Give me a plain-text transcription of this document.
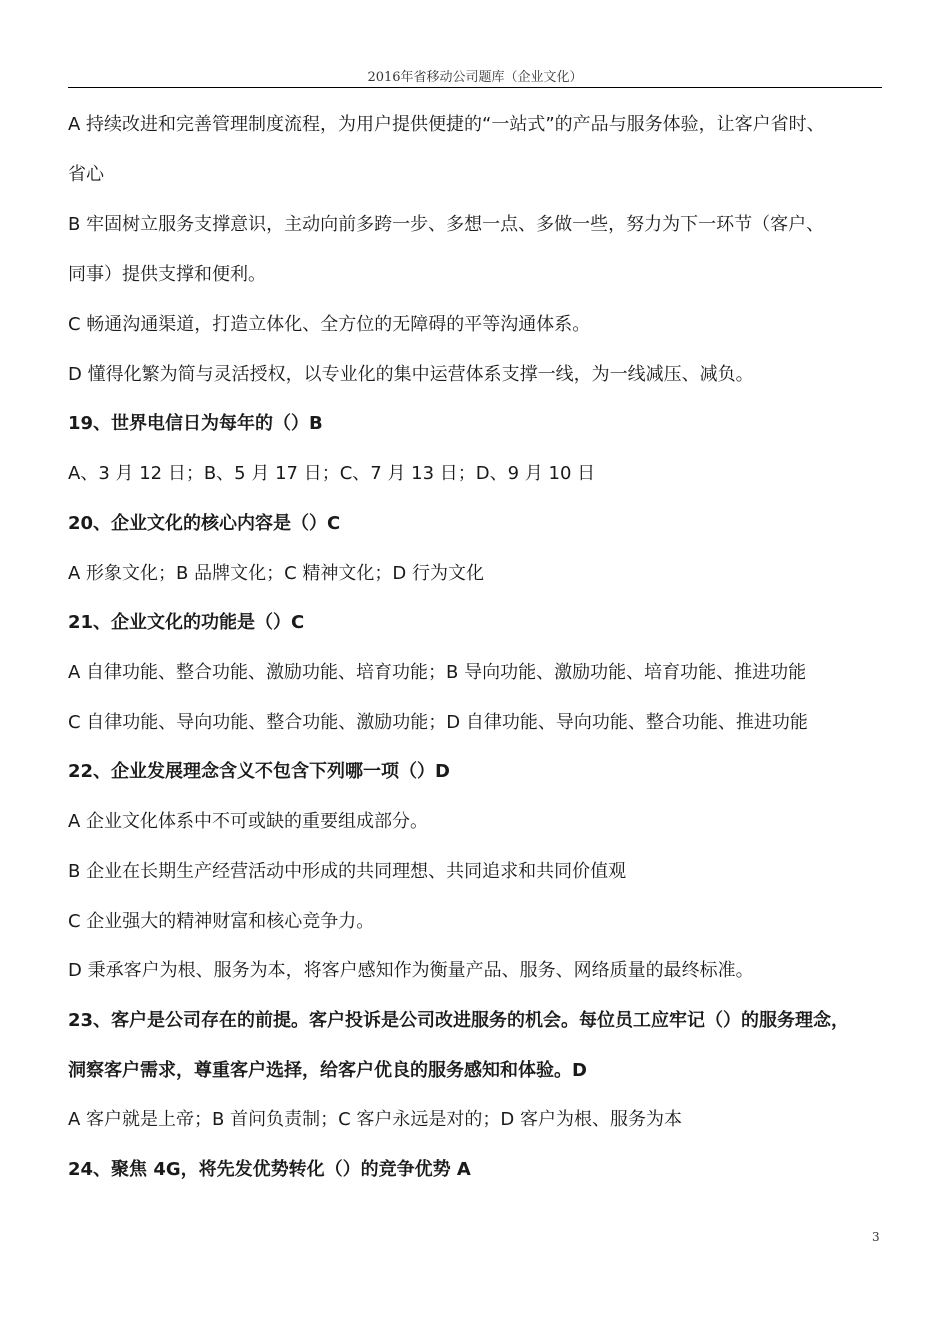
2016年省移动公司题库（企业文化）
A 持续改进和完善管理制度流程，为用户提供便捷的“一站式”的产品与服务体验，让客户省时、
省心
B 牢固树立服务支撑意识，主动向前多跨一步、多想一点、多做一些，努力为下一环节（客户、
同事）提供支撑和便利。
C 畅通沟通渠道，打造立体化、全方位的无障碍的平等沟通体系。
D 懂得化繁为简与灵活授权，以专业化的集中运营体系支撑一线，为一线减压、减负。
19、世界电信日为每年的（）B
A、3 月 12 日；B、5 月 17 日；C、7 月 13 日；D、9 月 10 日
20、企业文化的核心内容是（）C
A 形象文化；B 品牌文化；C 精神文化；D 行为文化
21、企业文化的功能是（）C
A 自律功能、整合功能、激励功能、培育功能；B 导向功能、激励功能、培育功能、推进功能
C 自律功能、导向功能、整合功能、激励功能；D 自律功能、导向功能、整合功能、推进功能
22、企业发展理念含义不包含下列哪一项（）D
A 企业文化体系中不可或缺的重要组成部分。
B 企业在长期生产经营活动中形成的共同理想、共同追求和共同价值观
C 企业强大的精神财富和核心竞争力。
D 秉承客户为根、服务为本，将客户感知作为衡量产品、服务、网络质量的最终标准。
23、客户是公司存在的前提。客户投诉是公司改进服务的机会。每位员工应牢记（）的服务理念，
洞察客户需求，尊重客户选择，给客户优良的服务感知和体验。D
A 客户就是上帝；B 首问负责制；C 客户永远是对的；D 客户为根、服务为本
24、聚焦 4G，将先发优势转化（）的竞争优势 A
3
